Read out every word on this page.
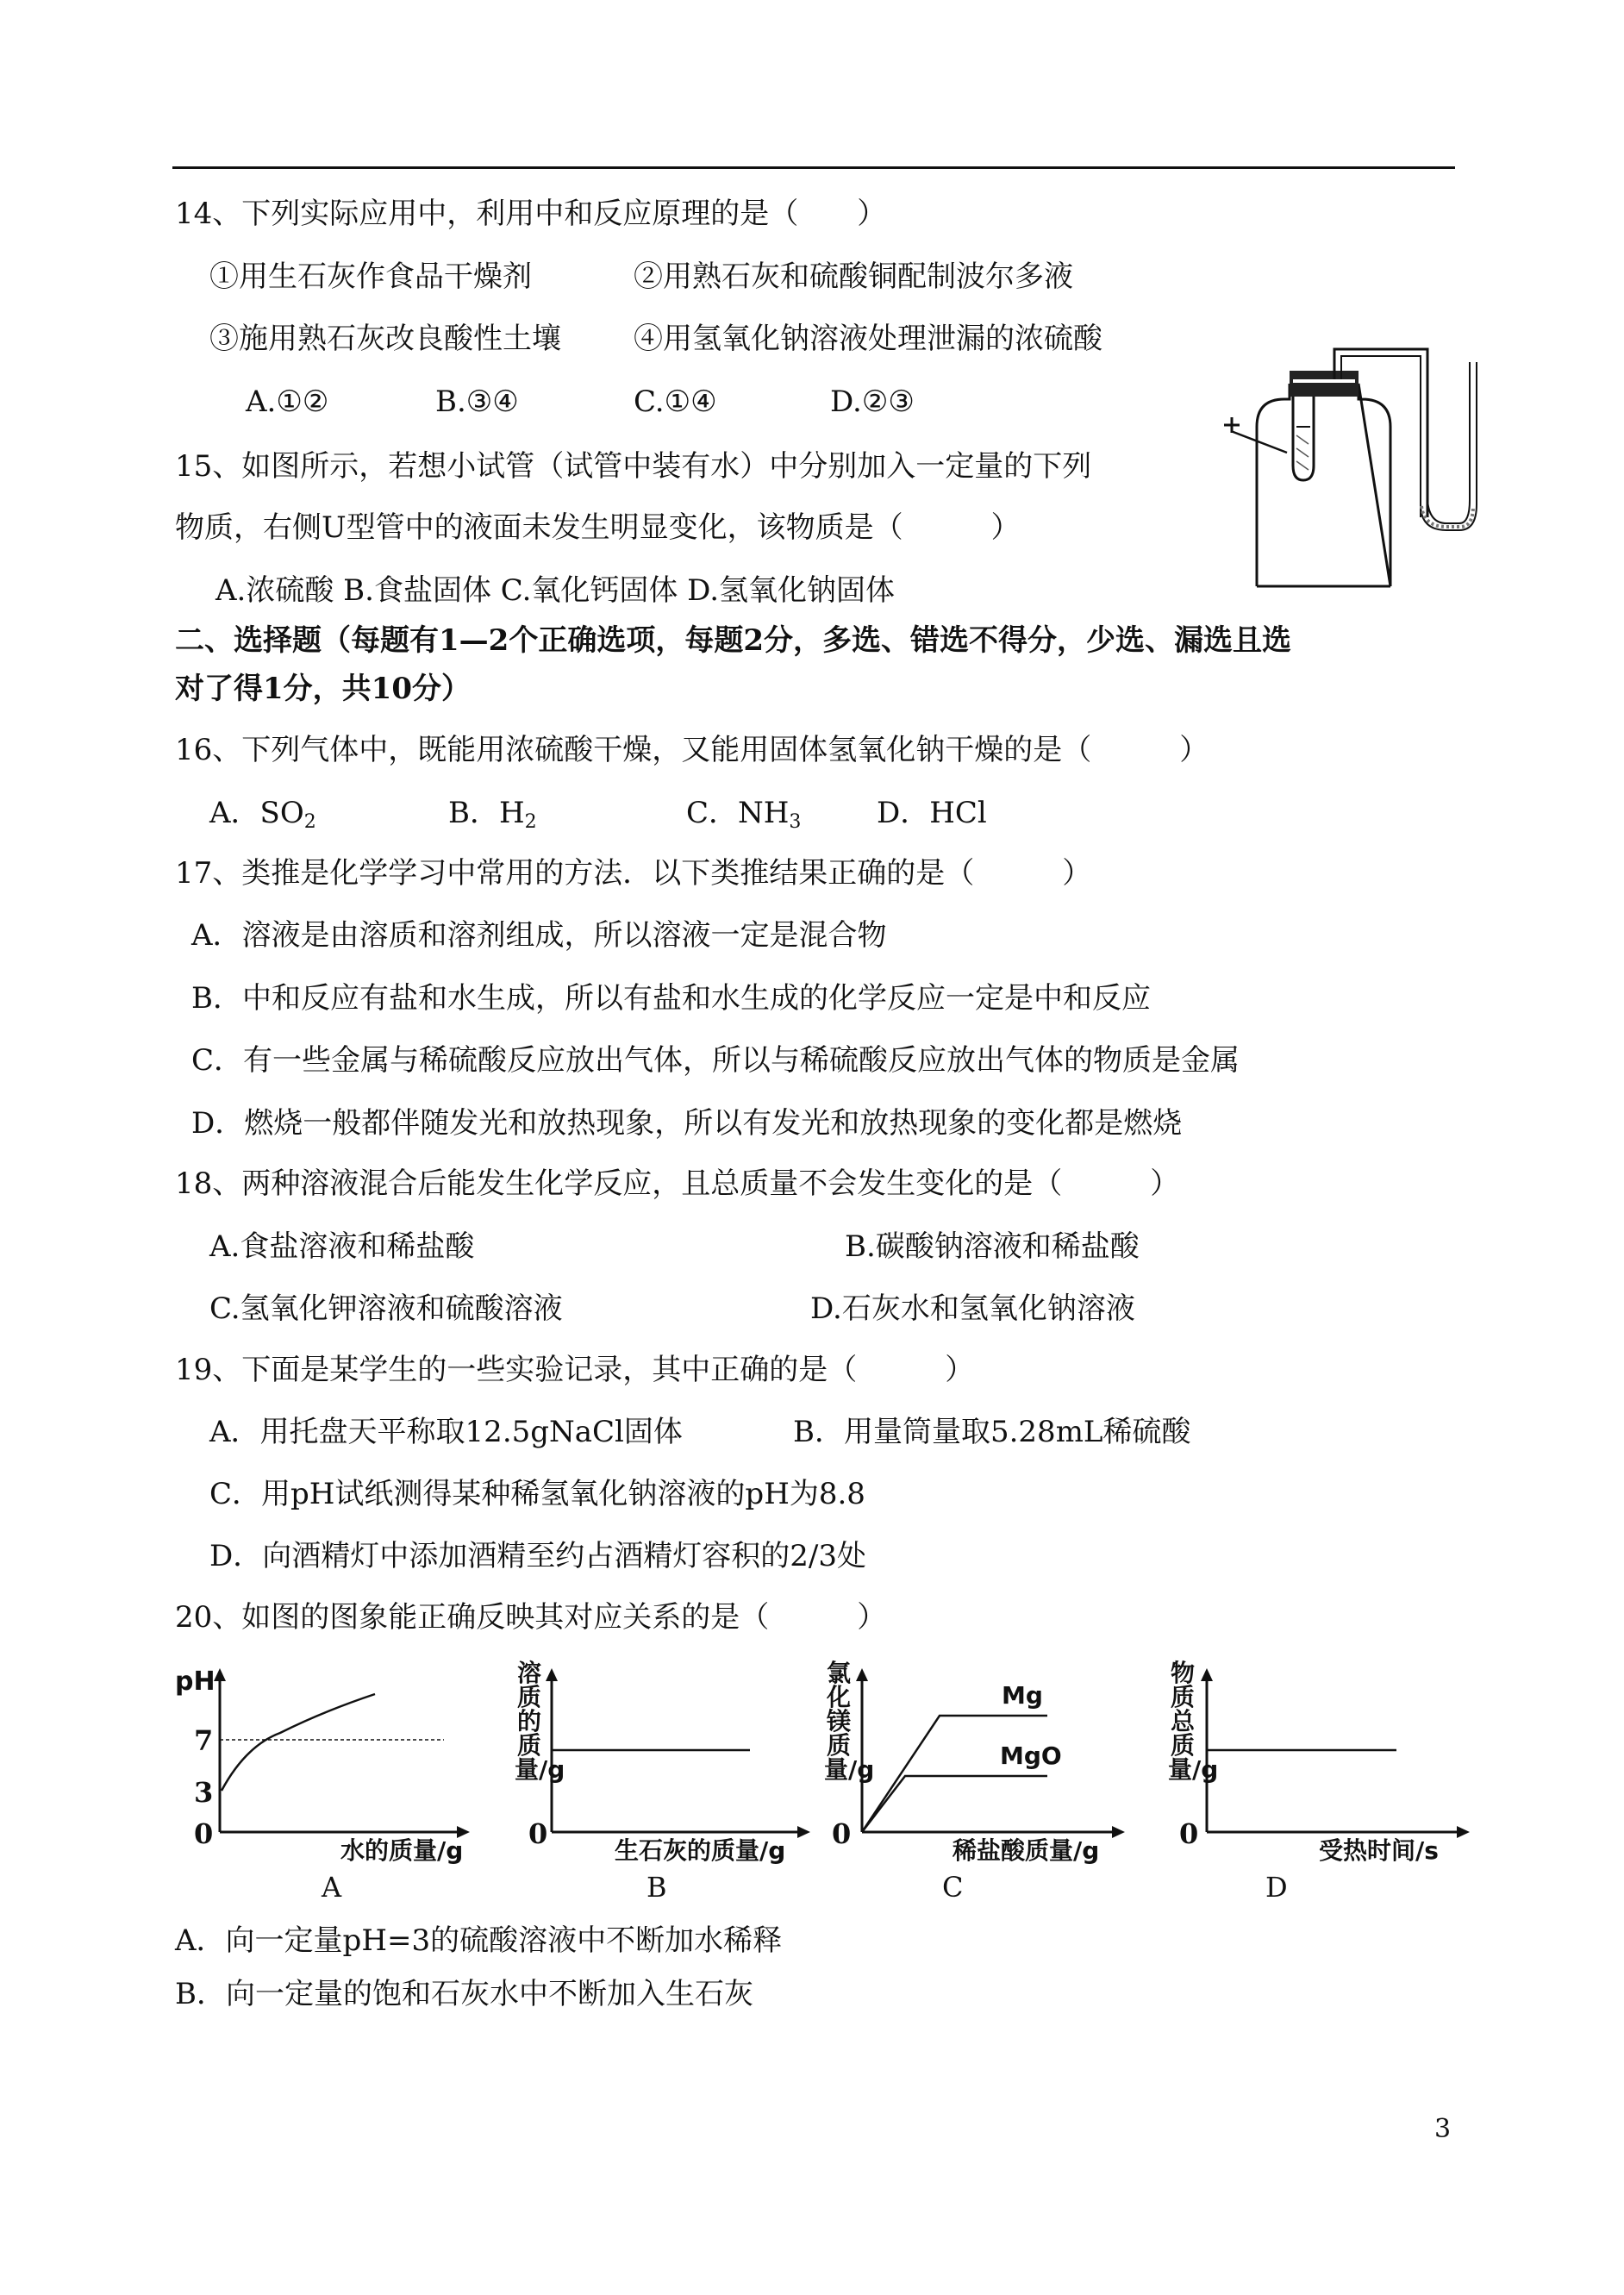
14、下列实际应用中，利用中和反应原理的是（　　）
①用生石灰作食品干燥剂	②用熟石灰和硫酸铜配制波尔多液
③施用熟石灰改良酸性土壤 ④用氢氧化钠溶液处理泄漏的浓硫酸
A.①②	B.③④	C.①④	D.②③
15、如图所示，若想小试管（试管中装有水）中分别加入一定量的下列
物质，右侧U型管中的液面未发生明显变化，该物质是（　　　）
A.浓硫酸 B.食盐固体 C.氧化钙固体 D.氢氧化钠固体
二、选择题（每题有1—2个正确选项，每题2分，多选、错选不得分，少选、漏选且选
对了得1分，共10分）
16、下列气体中，既能用浓硫酸干燥，又能用固体氢氧化钠干燥的是（　　　）
A．$SO_2$	B．$H_2$	C．$NH_3$	D．HCl
17、类推是化学学习中常用的方法．以下类推结果正确的是（　　　）
A．溶液是由溶质和溶剂组成，所以溶液一定是混合物
B．中和反应有盐和水生成，所以有盐和水生成的化学反应一定是中和反应
C．有一些金属与稀硫酸反应放出气体，所以与稀硫酸反应放出气体的物质是金属
D．燃烧一般都伴随发光和放热现象，所以有发光和放热现象的变化都是燃烧
18、两种溶液混合后能发生化学反应，且总质量不会发生变化的是（　　　）
A.食盐溶液和稀盐酸	B.碳酸钠溶液和稀盐酸
C.氢氧化钾溶液和硫酸溶液	D.石灰水和氢氧化钠溶液
19、下面是某学生的一些实验记录，其中正确的是（　　　）
A．用托盘天平称取12.5gNaCl固体	B．用量筒量取5.28mL稀硫酸
C．用pH试纸测得某种稀氢氧化钠溶液的pH为8.8
D．向酒精灯中添加酒精至约占酒精灯容积的2/3处
20、如图的图象能正确反映其对应关系的是（　　　）
pH
7
3
0
水的质量/g
A
溶质的质量/g
0
生石灰的质量/g
B
氯化镁质量/g
0
Mg
MgO
稀盐酸质量/g
C
物质总质量/g
0
受热时间/s
D
A．向一定量pH=3的硫酸溶液中不断加水稀释
B．向一定量的饱和石灰水中不断加入生石灰
3
